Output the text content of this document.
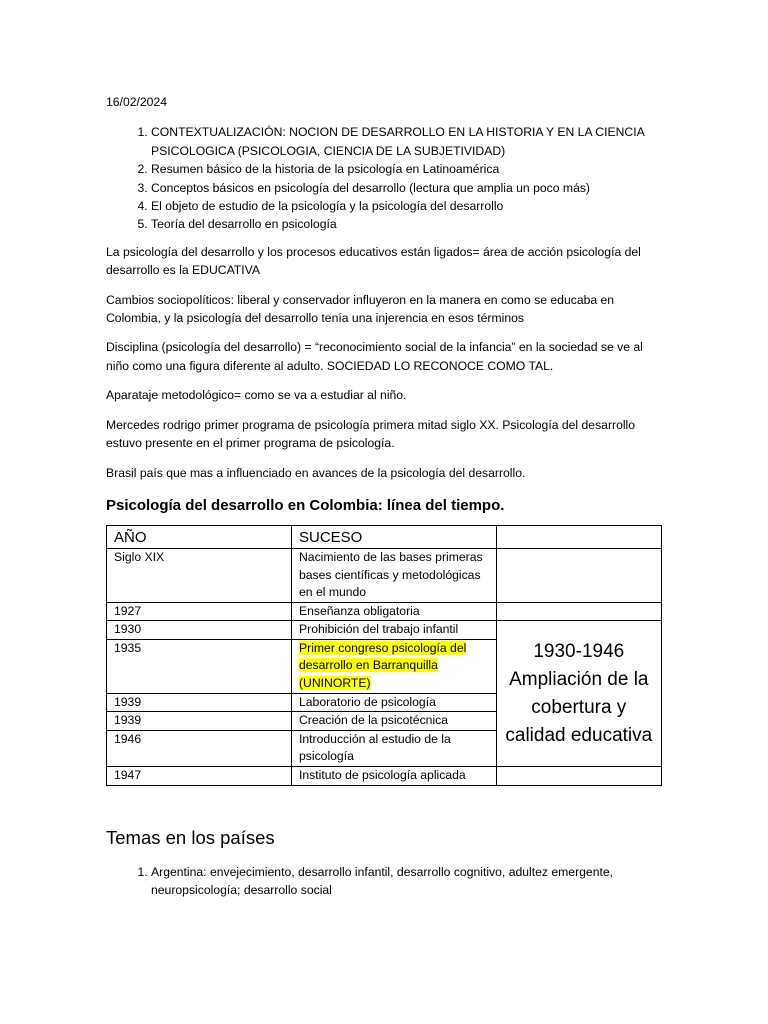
16/02/2024
1. CONTEXTUALIZACIÓN: NOCION DE DESARROLLO EN LA HISTORIA Y EN LA CIENCIA PSICOLOGICA (PSICOLOGIA, CIENCIA DE LA SUBJETIVIDAD)
2. Resumen básico de la historia de la psicología en Latinoamérica
3. Conceptos básicos en psicología del desarrollo (lectura que amplia un poco más)
4. El objeto de estudio de la psicología y la psicología del desarrollo
5. Teoría del desarrollo en psicología

La psicología del desarrollo y los procesos educativos están ligados= área de acción psicología del desarrollo es la EDUCATIVA

Cambios sociopolíticos: liberal y conservador influyeron en la manera en como se educaba en Colombia, y la psicología del desarrollo tenía una injerencia en esos términos

Disciplina (psicología del desarrollo) = “reconocimiento social de la infancia” en la sociedad se ve al niño como una figura diferente al adulto. SOCIEDAD LO RECONOCE COMO TAL.

Aparataje metodológico= como se va a estudiar al niño.

Mercedes rodrigo primer programa de psicología primera mitad siglo XX. Psicología del desarrollo estuvo presente en el primer programa de psicología.

Brasil país que mas a influenciado en avances de la psicología del desarrollo.

Psicología del desarrollo en Colombia: línea del tiempo.
AÑO	SUCESO	
Siglo XIX	Nacimiento de las bases primeras bases científicas y metodológicas en el mundo	
1927	Enseñanza obligatoria	
1930	Prohibición del trabajo infantil	1930-1946 Ampliación de la cobertura y calidad educativa
1935	Primer congreso psicología del desarrollo en Barranquilla (UNINORTE)	
1939	Laboratorio de psicología	
1939	Creación de la psicotécnica	
1946	Introducción al estudio de la psicología	
1947	Instituto de psicología aplicada	
Temas en los países
1. Argentina: envejecimiento, desarrollo infantil, desarrollo cognitivo, adultez emergente, neuropsicología; desarrollo social
